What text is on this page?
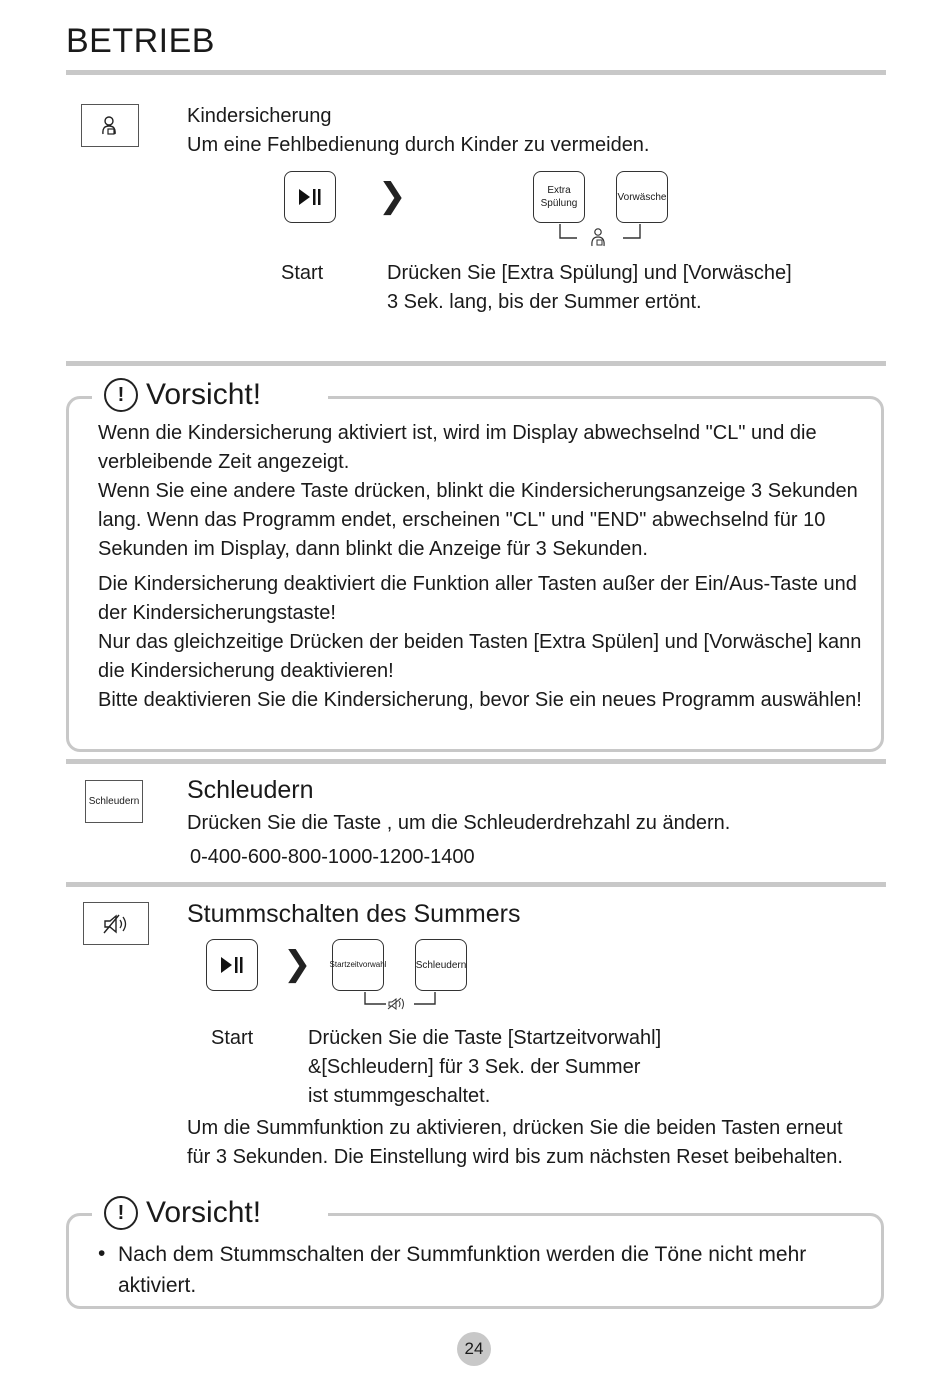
BETRIEB
Kindersicherung
Um eine Fehlbedienung durch Kinder zu vermeiden.
❯	Extra
Spülung
Vorwäsche
Start	Drücken Sie [Extra Spülung] und [Vorwäsche]
3 Sek. lang, bis der Summer ertönt.
! Vorsicht!
Wenn die Kindersicherung aktiviert ist, wird im Display abwechselnd "CL" und die verbleibende Zeit angezeigt.
Wenn Sie eine andere Taste drücken, blinkt die Kindersicherungsanzeige 3 Sekunden lang. Wenn das Programm endet, erscheinen "CL" und "END" abwechselnd für 10 Sekunden im Display, dann blinkt die Anzeige für 3 Sekunden.
Die Kindersicherung deaktiviert die Funktion aller Tasten außer der Ein/Aus-Taste und der Kindersicherungstaste!
Nur das gleichzeitige Drücken der beiden Tasten [Extra Spülen] und [Vorwäsche] kann die Kindersicherung deaktivieren!
Bitte deaktivieren Sie die Kindersicherung, bevor Sie ein neues Programm auswählen!
Schleudern Schleudern
Drücken Sie die Taste , um die Schleuderdrehzahl zu ändern.
0-400-600-800-1000-1200-1400
Stummschalten des Summers
❯ Startzeitvorwahl	Schleudern
Start	Drücken Sie die Taste [Startzeitvorwahl]
&[Schleudern] für 3 Sek. der Summer
ist stummgeschaltet.
Um die Summfunktion zu aktivieren, drücken Sie die beiden Tasten erneut
für 3 Sekunden. Die Einstellung wird bis zum nächsten Reset beibehalten.
! Vorsicht!
• Nach dem Stummschalten der Summfunktion werden die Töne nicht mehr aktiviert.
24
